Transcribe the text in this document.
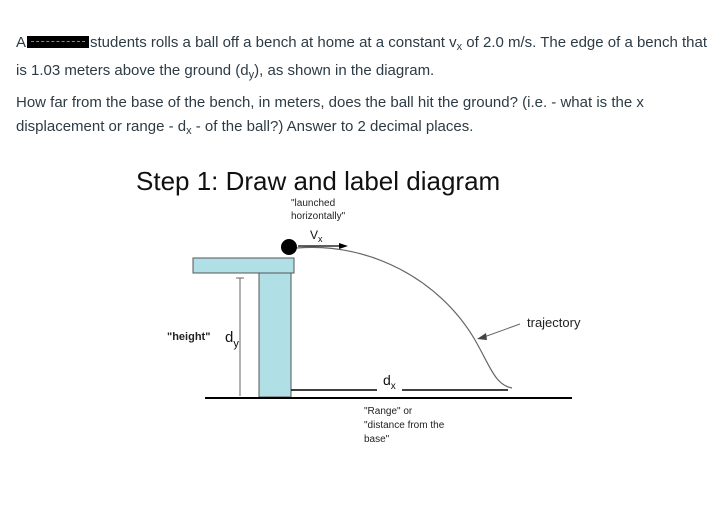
A	students rolls a ball off a bench at home at a constant $v_x$ of 2.0 m/s. The edge of a bench that is 1.03 meters above the ground $(d_y)$, as shown in the diagram.

How far from the base of the bench, in meters, does the ball hit the ground? (i.e. - what is the x displacement or range - $d_x$ - of the ball?) Answer to 2 decimal places.

Step 1: Draw and label diagram
"launched
horizontally"
$V_x$
"height" $d_y$
trajectory
$d_x$
"Range" or
"distance from the
base"
